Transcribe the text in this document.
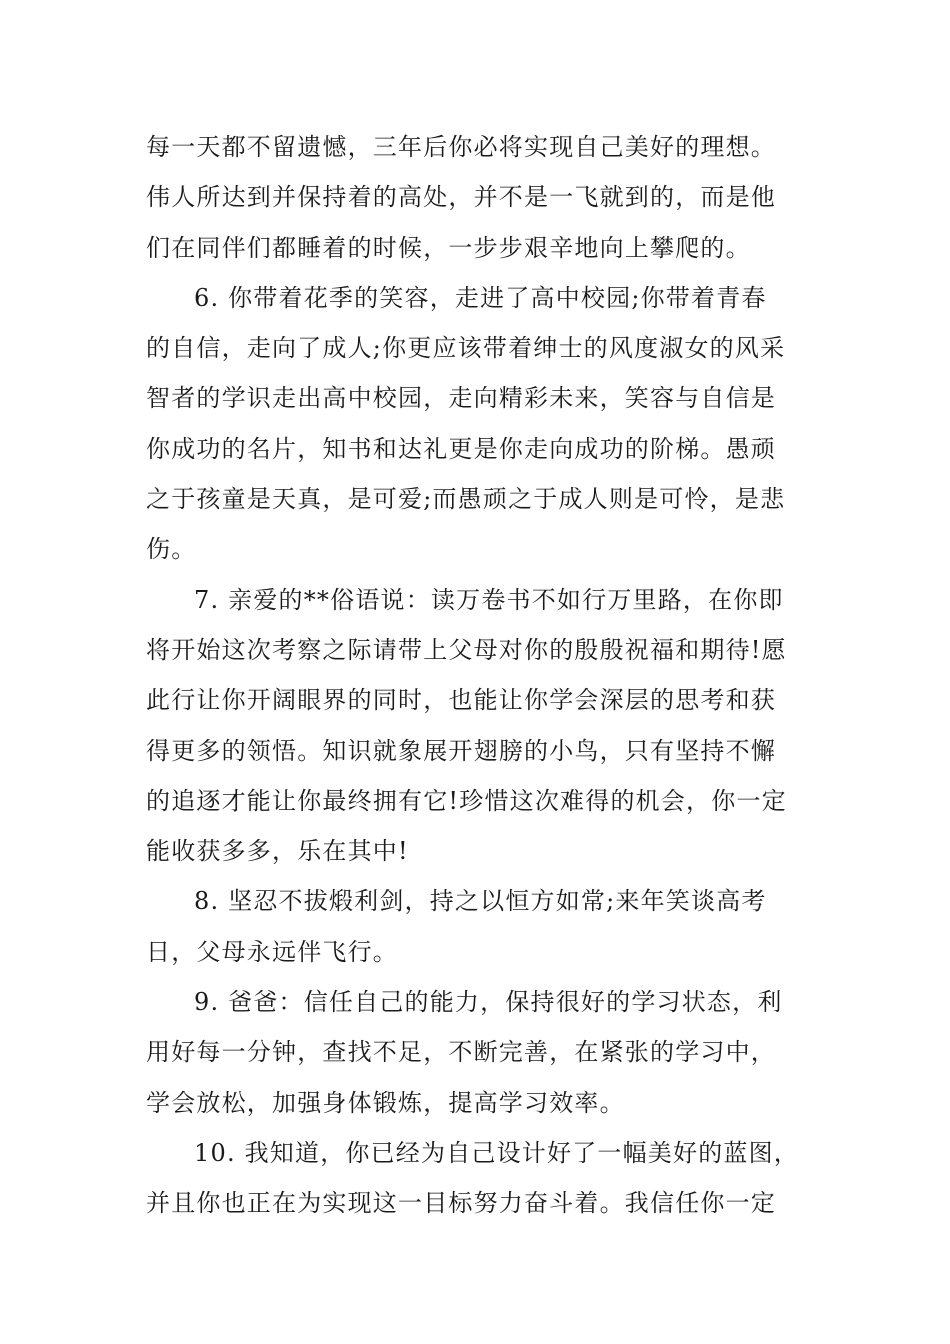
每一天都不留遗憾，三年后你必将实现自己美好的理想。
伟人所达到并保持着的高处，并不是一飞就到的，而是他
们在同伴们都睡着的时候，一步步艰辛地向上攀爬的。
6. 你带着花季的笑容，走进了高中校园;你带着青春
的自信，走向了成人;你更应该带着绅士的风度淑女的风采
智者的学识走出高中校园，走向精彩未来，笑容与自信是
你成功的名片，知书和达礼更是你走向成功的阶梯。愚顽
之于孩童是天真，是可爱;而愚顽之于成人则是可怜，是悲
伤。
7. 亲爱的**俗语说：读万卷书不如行万里路，在你即
将开始这次考察之际请带上父母对你的殷殷祝福和期待!愿
此行让你开阔眼界的同时，也能让你学会深层的思考和获
得更多的领悟。知识就象展开翅膀的小鸟，只有坚持不懈
的追逐才能让你最终拥有它!珍惜这次难得的机会，你一定
能收获多多，乐在其中!
8. 坚忍不拔煅利剑，持之以恒方如常;来年笑谈高考
日，父母永远伴飞行。
9. 爸爸：信任自己的能力，保持很好的学习状态，利
用好每一分钟，查找不足，不断完善，在紧张的学习中，
学会放松，加强身体锻炼，提高学习效率。
10. 我知道，你已经为自己设计好了一幅美好的蓝图，
并且你也正在为实现这一目标努力奋斗着。我信任你一定
